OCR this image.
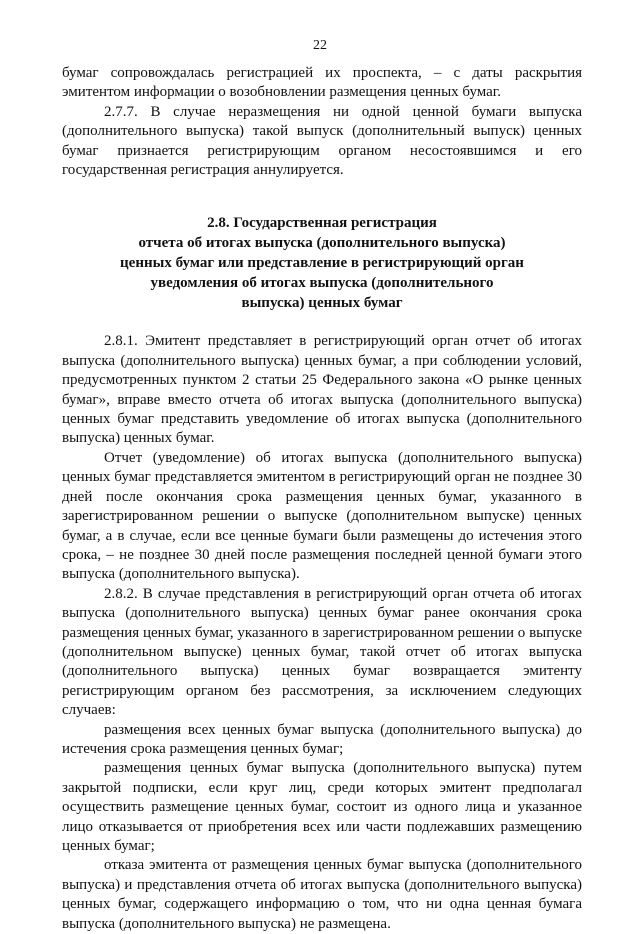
22

бумаг сопровождалась регистрацией их проспекта, – с даты раскрытия эмитентом информации о возобновлении размещения ценных бумаг.

2.7.7. В случае неразмещения ни одной ценной бумаги выпуска (дополнительного выпуска) такой выпуск (дополнительный выпуск) ценных бумаг признается регистрирующим органом несостоявшимся и его государственная регистрация аннулируется.

2.8. Государственная регистрация
отчета об итогах выпуска (дополнительного выпуска)
ценных бумаг или представление в регистрирующий орган
уведомления об итогах выпуска (дополнительного
выпуска) ценных бумаг

2.8.1. Эмитент представляет в регистрирующий орган отчет об итогах выпуска (дополнительного выпуска) ценных бумаг, а при соблюдении условий, предусмотренных пунктом 2 статьи 25 Федерального закона «О рынке ценных бумаг», вправе вместо отчета об итогах выпуска (дополнительного выпуска) ценных бумаг представить уведомление об итогах выпуска (дополнительного выпуска) ценных бумаг.

Отчет (уведомление) об итогах выпуска (дополнительного выпуска) ценных бумаг представляется эмитентом в регистрирующий орган не позднее 30 дней после окончания срока размещения ценных бумаг, указанного в зарегистрированном решении о выпуске (дополнительном выпуске) ценных бумаг, а в случае, если все ценные бумаги были размещены до истечения этого срока, – не позднее 30 дней после размещения последней ценной бумаги этого выпуска (дополнительного выпуска).

2.8.2. В случае представления в регистрирующий орган отчета об итогах выпуска (дополнительного выпуска) ценных бумаг ранее окончания срока размещения ценных бумаг, указанного в зарегистрированном решении о выпуске (дополнительном выпуске) ценных бумаг, такой отчет об итогах выпуска (дополнительного выпуска) ценных бумаг возвращается эмитенту регистрирующим органом без рассмотрения, за исключением следующих случаев:

размещения всех ценных бумаг выпуска (дополнительного выпуска) до истечения срока размещения ценных бумаг;

размещения ценных бумаг выпуска (дополнительного выпуска) путем закрытой подписки, если круг лиц, среди которых эмитент предполагал осуществить размещение ценных бумаг, состоит из одного лица и указанное лицо отказывается от приобретения всех или части подлежавших размещению ценных бумаг;

отказа эмитента от размещения ценных бумаг выпуска (дополнительного выпуска) и представления отчета об итогах выпуска (дополнительного выпуска) ценных бумаг, содержащего информацию о том, что ни одна ценная бумага выпуска (дополнительного выпуска) не размещена.
